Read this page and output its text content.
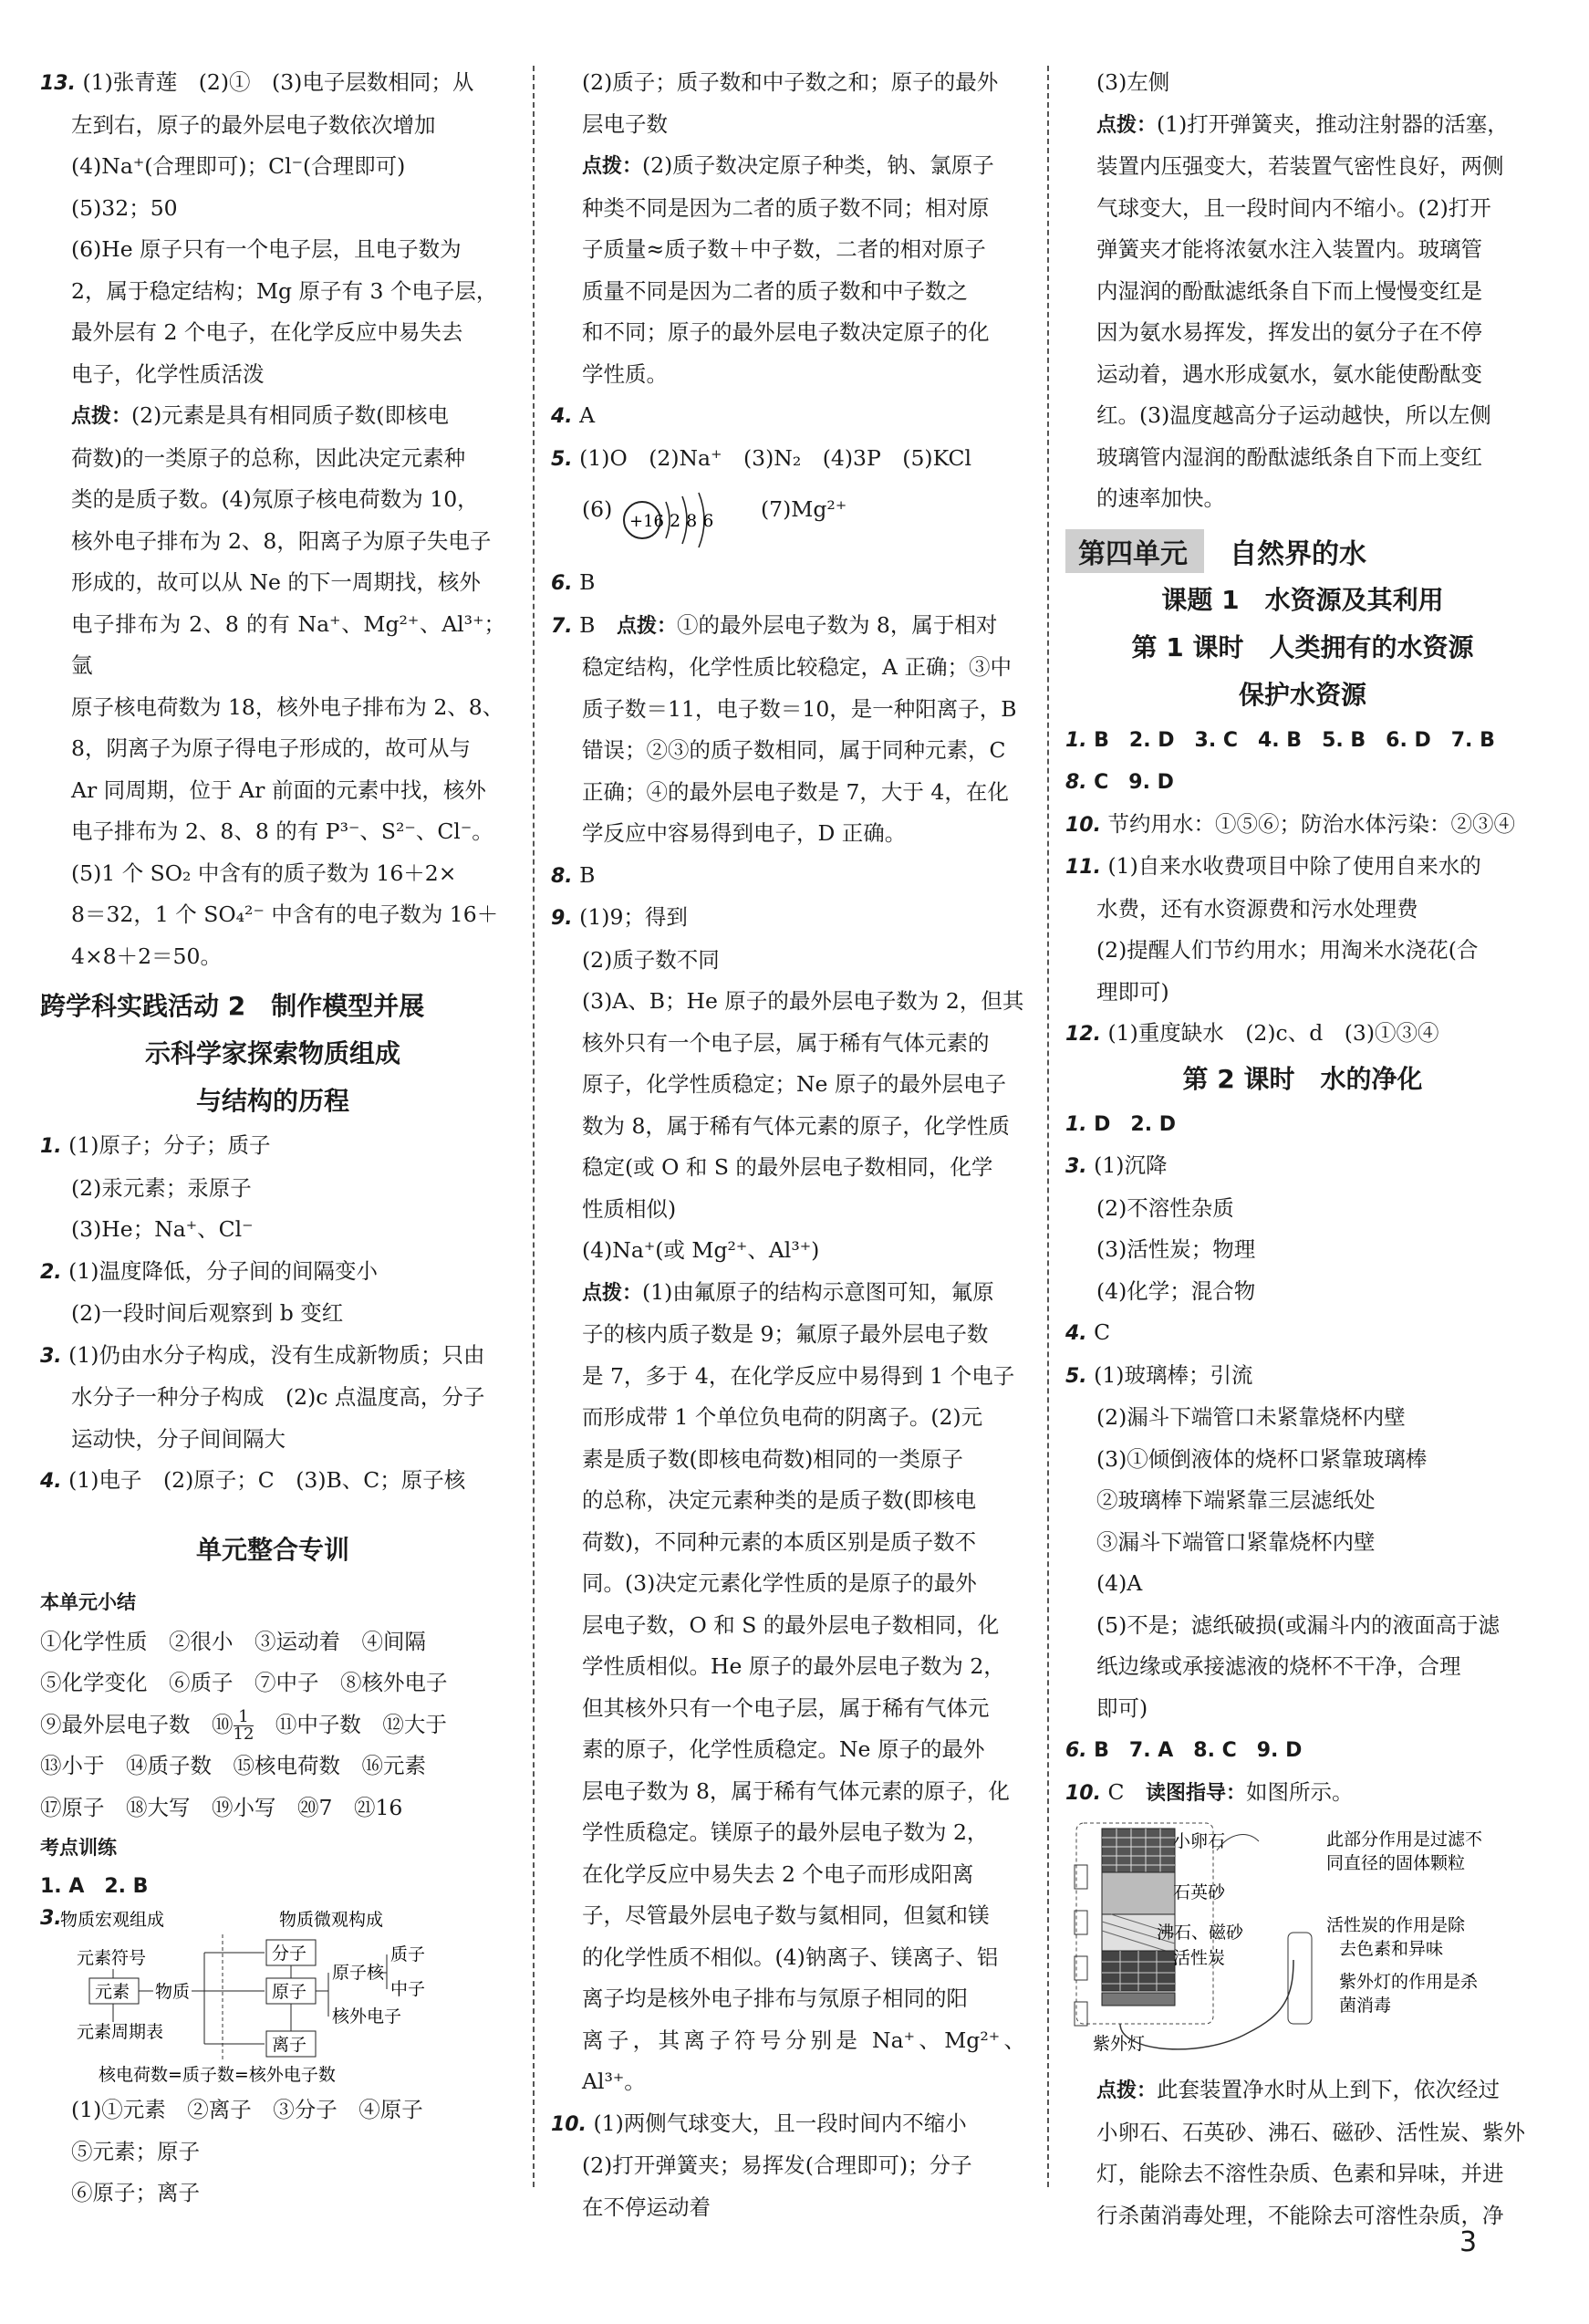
13. (1)张青莲　(2)①　(3)电子层数相同；从

左到右，原子的最外层电子数依次增加

(4)Na⁺(合理即可)；Cl⁻(合理即可)

(5)32；50

(6)He 原子只有一个电子层，且电子数为

2，属于稳定结构；Mg 原子有 3 个电子层，

最外层有 2 个电子，在化学反应中易失去

电子，化学性质活泼

点拨：(2)元素是具有相同质子数(即核电

荷数)的一类原子的总称，因此决定元素种

类的是质子数。(4)氖原子核电荷数为 10，

核外电子排布为 2、8，阳离子为原子失电子

形成的，故可以从 Ne 的下一周期找，核外

电子排布为 2、8 的有 Na⁺、Mg²⁺、Al³⁺；氩

原子核电荷数为 18，核外电子排布为 2、8、

8，阴离子为原子得电子形成的，故可从与

Ar 同周期，位于 Ar 前面的元素中找，核外

电子排布为 2、8、8 的有 P³⁻、S²⁻、Cl⁻。

(5)1 个 SO₂ 中含有的质子数为 16＋2×

8＝32，1 个 SO₄²⁻ 中含有的电子数为 16＋

4×8＋2＝50。

跨学科实践活动 2　制作模型并展

示科学家探索物质组成

与结构的历程

1. (1)原子；分子；质子

(2)汞元素；汞原子

(3)He；Na⁺、Cl⁻

2. (1)温度降低，分子间的间隔变小

(2)一段时间后观察到 b 变红

3. (1)仍由水分子构成，没有生成新物质；只由

水分子一种分子构成　(2)c 点温度高，分子

运动快，分子间间隔大

4. (1)电子　(2)原子；C　(3)B、C；原子核

单元整合专训

本单元小结

①化学性质　②很小　③运动着　④间隔

⑤化学变化　⑥质子　⑦中子　⑧核外电子

⑨最外层电子数　⑩ $\frac{1}{12}$ 　⑪中子数　⑫大于

⑬小于　⑭质子数　⑮核电荷数　⑯元素

⑰原子　⑱大写　⑲小写　⑳7　㉑16

考点训练

1. A　2. B

3.
物质宏观组成	物质微观构成
元素符号
元素
元素周期表
物质
分子
原子
离子
原子核
质子
中子
核外电子
核电荷数=质子数=核外电子数

(1)①元素　②离子　③分子　④原子

⑤元素；原子

⑥原子；离子

(2)质子；质子数和中子数之和；原子的最外

层电子数

点拨：(2)质子数决定原子种类，钠、氯原子

种类不同是因为二者的质子数不同；相对原

子质量≈质子数＋中子数，二者的相对原子

质量不同是因为二者的质子数和中子数之

和不同；原子的最外层电子数决定原子的化

学性质。

4. A

5. (1)O　(2)Na⁺　(3)N₂　(4)3P　(5)KCl

(6) +16 2 8 6 (7)Mg²⁺

6. B

7. B　点拨：①的最外层电子数为 8，属于相对

稳定结构，化学性质比较稳定，A 正确；③中

质子数＝11，电子数＝10，是一种阳离子，B

错误；②③的质子数相同，属于同种元素，C

正确；④的最外层电子数是 7，大于 4，在化

学反应中容易得到电子，D 正确。

8. B

9. (1)9；得到

(2)质子数不同

(3)A、B；He 原子的最外层电子数为 2，但其

核外只有一个电子层，属于稀有气体元素的

原子，化学性质稳定；Ne 原子的最外层电子

数为 8，属于稀有气体元素的原子，化学性质

稳定(或 O 和 S 的最外层电子数相同，化学

性质相似)

(4)Na⁺(或 Mg²⁺、Al³⁺)

点拨：(1)由氟原子的结构示意图可知，氟原

子的核内质子数是 9；氟原子最外层电子数

是 7，多于 4，在化学反应中易得到 1 个电子

而形成带 1 个单位负电荷的阴离子。(2)元

素是质子数(即核电荷数)相同的一类原子

的总称，决定元素种类的是质子数(即核电

荷数)，不同种元素的本质区别是质子数不

同。(3)决定元素化学性质的是原子的最外

层电子数，O 和 S 的最外层电子数相同，化

学性质相似。He 原子的最外层电子数为 2，

但其核外只有一个电子层，属于稀有气体元

素的原子，化学性质稳定。Ne 原子的最外

层电子数为 8，属于稀有气体元素的原子，化

学性质稳定。镁原子的最外层电子数为 2，

在化学反应中易失去 2 个电子而形成阳离

子，尽管最外层电子数与氦相同，但氦和镁

的化学性质不相似。(4)钠离子、镁离子、铝

离子均是核外电子排布与氖原子相同的阳

离子，其离子符号分别是 Na⁺、Mg²⁺、Al³⁺。

10. (1)两侧气球变大，且一段时间内不缩小

(2)打开弹簧夹；易挥发(合理即可)；分子

在不停运动着

(3)左侧

点拨：(1)打开弹簧夹，推动注射器的活塞，

装置内压强变大，若装置气密性良好，两侧

气球变大，且一段时间内不缩小。(2)打开

弹簧夹才能将浓氨水注入装置内。玻璃管

内湿润的酚酞滤纸条自下而上慢慢变红是

因为氨水易挥发，挥发出的氨分子在不停

运动着，遇水形成氨水，氨水能使酚酞变

红。(3)温度越高分子运动越快，所以左侧

玻璃管内湿润的酚酞滤纸条自下而上变红

的速率加快。

第四单元	自然界的水

课题 1　水资源及其利用

第 1 课时　人类拥有的水资源

保护水资源

1. B　2. D　3. C　4. B　5. B　6. D　7. B

8. C　9. D

10. 节约用水：①⑤⑥；防治水体污染：②③④

11. (1)自来水收费项目中除了使用自来水的

水费，还有水资源费和污水处理费

(2)提醒人们节约用水；用淘米水浇花(合

理即可)

12. (1)重度缺水　(2)c、d　(3)①③④

第 2 课时　水的净化

1. D　2. D

3. (1)沉降

(2)不溶性杂质

(3)活性炭；物理

(4)化学；混合物

4. C

5. (1)玻璃棒；引流

(2)漏斗下端管口未紧靠烧杯内壁

(3)①倾倒液体的烧杯口紧靠玻璃棒

②玻璃棒下端紧靠三层滤纸处

③漏斗下端管口紧靠烧杯内壁

(4)A

(5)不是；滤纸破损(或漏斗内的液面高于滤

纸边缘或承接滤液的烧杯不干净，合理

即可)

6. B　7. A　8. C　9. D

10. C　读图指导：如图所示。

小卵石
石英砂
沸石、磁砂
活性炭
紫外灯
此部分作用是过滤不
同直径的固体颗粒
活性炭的作用是除
去色素和异味
紫外灯的作用是杀
菌消毒

点拨：此套装置净水时从上到下，依次经过

小卵石、石英砂、沸石、磁砂、活性炭、紫外

灯，能除去不溶性杂质、色素和异味，并进

行杀菌消毒处理，不能除去可溶性杂质，净

3
